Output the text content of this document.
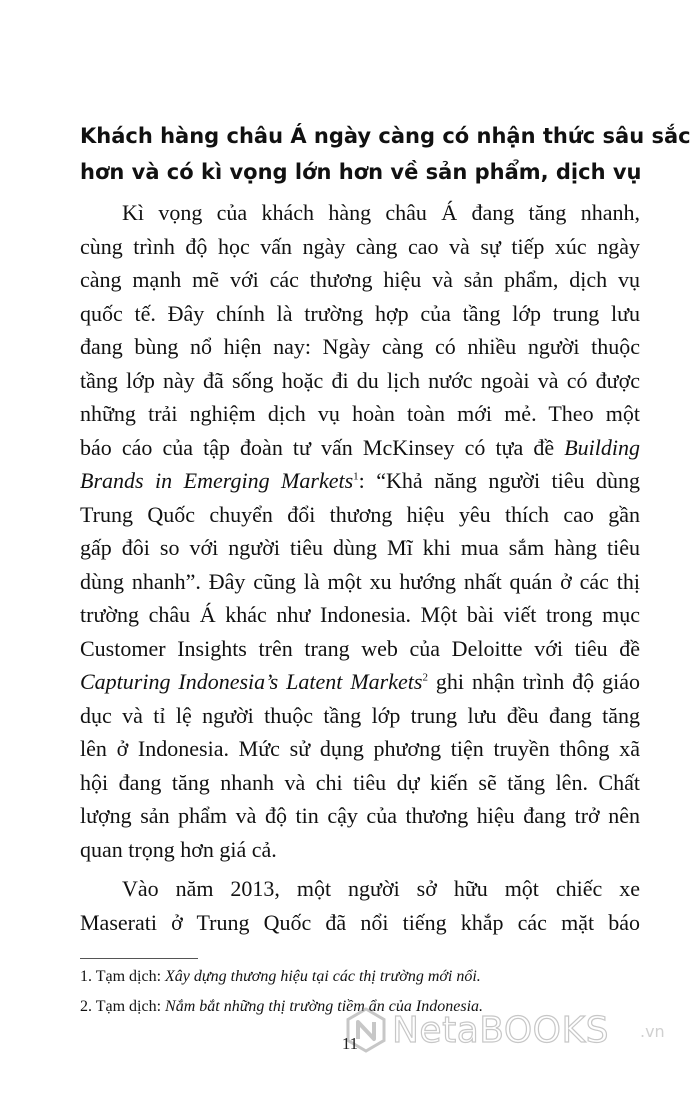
Khách hàng châu Á ngày càng có nhận thức sâu sắc
hơn và có kì vọng lớn hơn về sản phẩm, dịch vụ

Kì vọng của khách hàng châu Á đang tăng nhanh,
cùng trình độ học vấn ngày càng cao và sự tiếp xúc ngày
càng mạnh mẽ với các thương hiệu và sản phẩm, dịch vụ
quốc tế. Đây chính là trường hợp của tầng lớp trung lưu
đang bùng nổ hiện nay: Ngày càng có nhiều người thuộc
tầng lớp này đã sống hoặc đi du lịch nước ngoài và có được
những trải nghiệm dịch vụ hoàn toàn mới mẻ. Theo một
báo cáo của tập đoàn tư vấn McKinsey có tựa đề Building
Brands in Emerging Markets$^1$: “Khả năng người tiêu dùng
Trung Quốc chuyển đổi thương hiệu yêu thích cao gần
gấp đôi so với người tiêu dùng Mĩ khi mua sắm hàng tiêu
dùng nhanh”. Đây cũng là một xu hướng nhất quán ở các thị
trường châu Á khác như Indonesia. Một bài viết trong mục
Customer Insights trên trang web của Deloitte với tiêu đề
Capturing Indonesia’s Latent Markets$^2$ ghi nhận trình độ giáo
dục và tỉ lệ người thuộc tầng lớp trung lưu đều đang tăng
lên ở Indonesia. Mức sử dụng phương tiện truyền thông xã
hội đang tăng nhanh và chi tiêu dự kiến sẽ tăng lên. Chất
lượng sản phẩm và độ tin cậy của thương hiệu đang trở nên
quan trọng hơn giá cả.

Vào năm 2013, một người sở hữu một chiếc xe
Maserati ở Trung Quốc đã nổi tiếng khắp các mặt báo
1. Tạm dịch: Xây dựng thương hiệu tại các thị trường mới nổi.
2. Tạm dịch: Nắm bắt những thị trường tiềm ẩn của Indonesia.
NetaBOOKS .vn
11
